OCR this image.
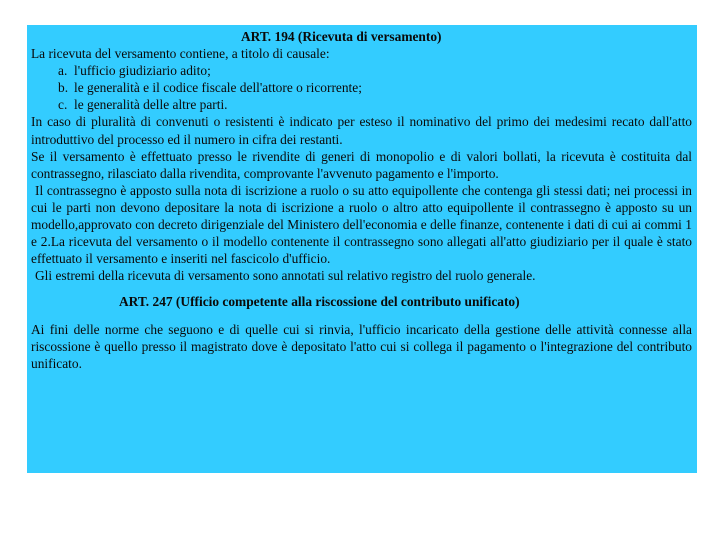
ART. 194 (Ricevuta di versamento)

La ricevuta del versamento contiene, a titolo di causale:

a. l'ufficio giudiziario adito;
b. le generalità e il codice fiscale dell'attore o ricorrente;
c. le generalità delle altre parti.

In caso di pluralità di convenuti o resistenti è indicato per esteso il nominativo del primo dei medesimi recato dall'atto introduttivo del processo ed il numero in cifra dei restanti.

Se il versamento è effettuato presso le rivendite di generi di monopolio e di valori bollati, la ricevuta è costituita dal contrassegno, rilasciato dalla rivendita, comprovante l'avvenuto pagamento e l'importo.

Il contrassegno è apposto sulla nota di iscrizione a ruolo o su atto equipollente che contenga gli stessi dati; nei processi in cui le parti non devono depositare la nota di iscrizione a ruolo o altro atto equipollente il contrassegno è apposto su un modello,approvato con decreto dirigenziale del Ministero dell'economia e delle finanze, contenente i dati di cui ai commi 1 e 2.La ricevuta del versamento o il modello contenente il contrassegno sono allegati all'atto giudiziario per il quale è stato effettuato il versamento e inseriti nel fascicolo d'ufficio.

Gli estremi della ricevuta di versamento sono annotati sul relativo registro del ruolo generale.

ART. 247 (Ufficio competente alla riscossione del contributo unificato)

Ai fini delle norme che seguono e di quelle cui si rinvia, l'ufficio incaricato della gestione delle attività connesse alla riscossione è quello presso il magistrato dove è depositato l'atto cui si collega il pagamento o l'integrazione del contributo unificato.
